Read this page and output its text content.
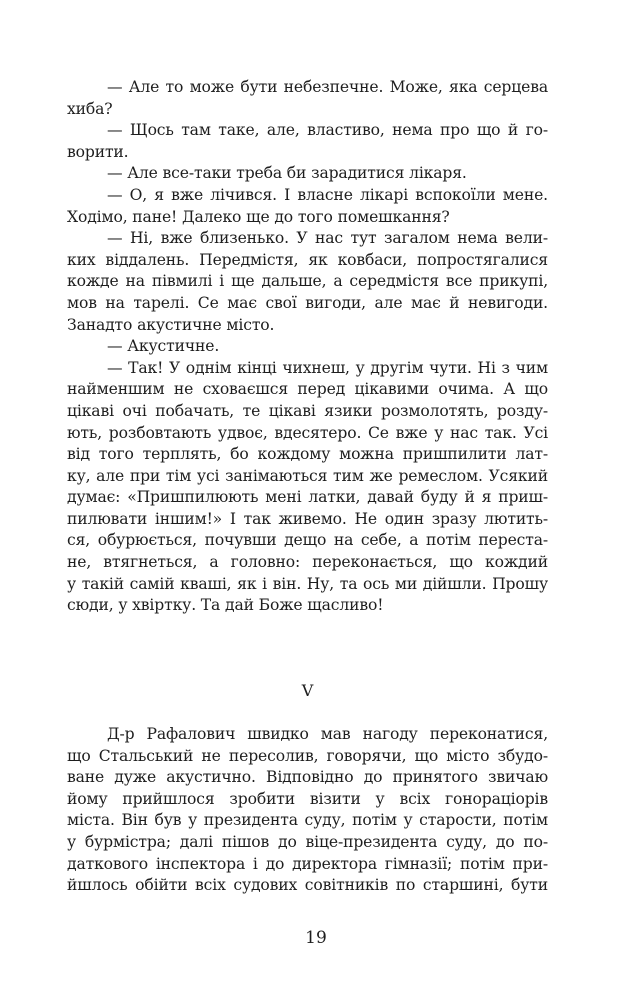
— Але то може бути небезпечне. Може, яка серцева
хиба?
— Щось там таке, але, властиво, нема про що й го-
ворити.
— Але все-таки треба би зарадитися лікаря.
— О, я вже лічився. І власне лікарі вспокоїли мене.
Ходімо, пане! Далеко ще до того помешкання?
— Ні, вже близенько. У нас тут загалом нема вели-
ких віддалень. Передмістя, як ковбаси, попростягалися
кожде на півмилі і ще дальше, а середмістя все прикупі,
мов на тарелі. Се має свої вигоди, але має й невигоди.
Занадто акустичне місто.
— Акустичне.
— Так! У однім кінці чихнеш, у другім чути. Ні з чим
найменшим не сховаєшся перед цікавими очима. А що
цікаві очі побачать, те цікаві язики розмолотять, розду-
ють, розбовтають удвоє, вдесятеро. Се вже у нас так. Усі
від того терплять, бо кождому можна пришпилити лат-
ку, але при тім усі занімаються тим же ремеслом. Усякий
думає: «Пришпилюють мені латки, давай буду й я приш-
пилювати іншим!» І так живемо. Не один зразу лютить-
ся, обурюється, почувши дещо на себе, а потім переста-
не, втягнеться, а головно: переконається, що кождий
у такій самій кваші, як і він. Ну, та ось ми дійшли. Прошу
сюди, у хвіртку. Та дай Боже щасливо!
V
Д-р Рафалович швидко мав нагоду переконатися,
що Стальський не пересолив, говорячи, що місто збудо-
ване дуже акустично. Відповідно до принятого звичаю
йому прийшлося зробити візити у всіх гонораціорів
міста. Він був у президента суду, потім у старости, потім
у бурмістра; далі пішов до віце-президента суду, до по-
даткового інспектора і до директора гімназії; потім при-
йшлось обійти всіх судових совітників по старшині, бути
19
